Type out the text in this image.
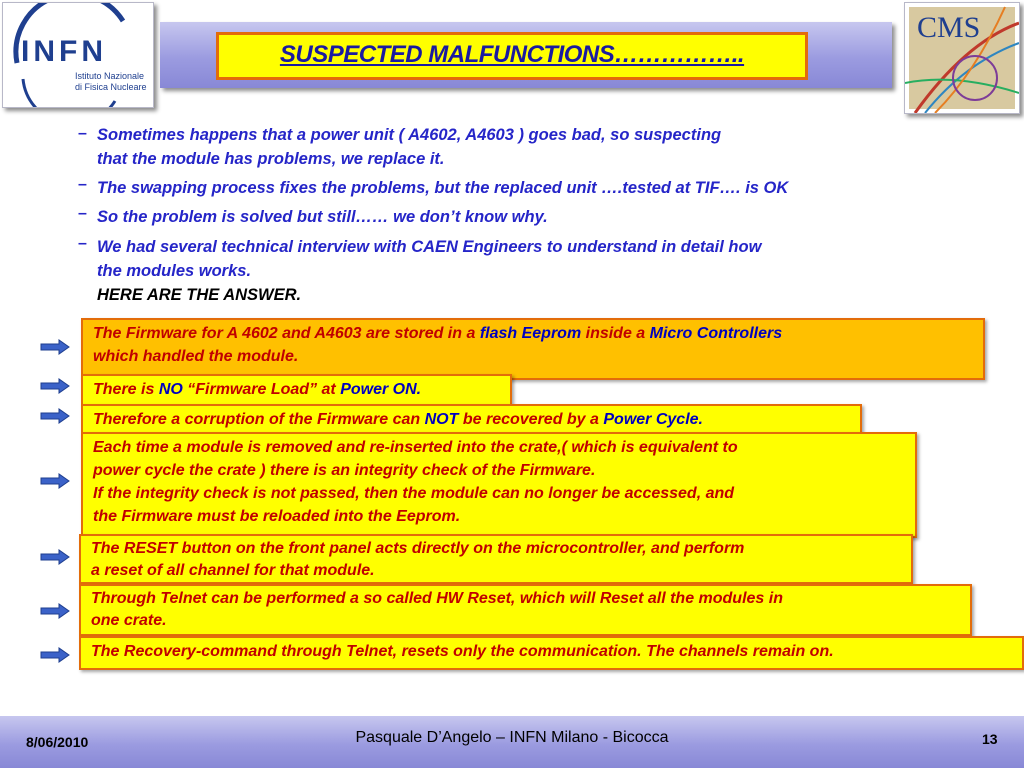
INFN
Istituto Nazionale
di Fisica Nucleare
SUSPECTED MALFUNCTIONS……………..
CMS
– Sometimes happens that a power unit ( A4602, A4603 ) goes bad, so suspecting
that the module has problems, we replace it.
– The swapping process fixes the problems, but the replaced unit ….tested at TIF…. is OK
– So the problem is solved but still…… we don’t know why.
– We had several technical interview with CAEN Engineers to understand in detail how
the modules works.
HERE ARE THE ANSWER.
The Firmware for A 4602 and A4603 are stored in a flash Eeprom inside a Micro Controllers
which handled the module.
There is NO “Firmware Load” at Power ON.
Therefore a corruption of the Firmware can NOT be recovered by a Power Cycle.
Each time a module is removed and re-inserted into the crate,( which is equivalent to
power cycle the crate ) there is an integrity check of the Firmware.
If the integrity check is not passed, then the module can no longer be accessed, and
the Firmware must be reloaded into the Eeprom.
The RESET button on the front panel acts directly on the microcontroller, and perform
a reset of all channel for that module.
Through Telnet can be performed a so called HW Reset, which will Reset all the modules in
one crate.
The Recovery-command through Telnet, resets only the communication. The channels remain on.
8/06/2010	Pasquale D’Angelo – INFN Milano - Bicocca	13
